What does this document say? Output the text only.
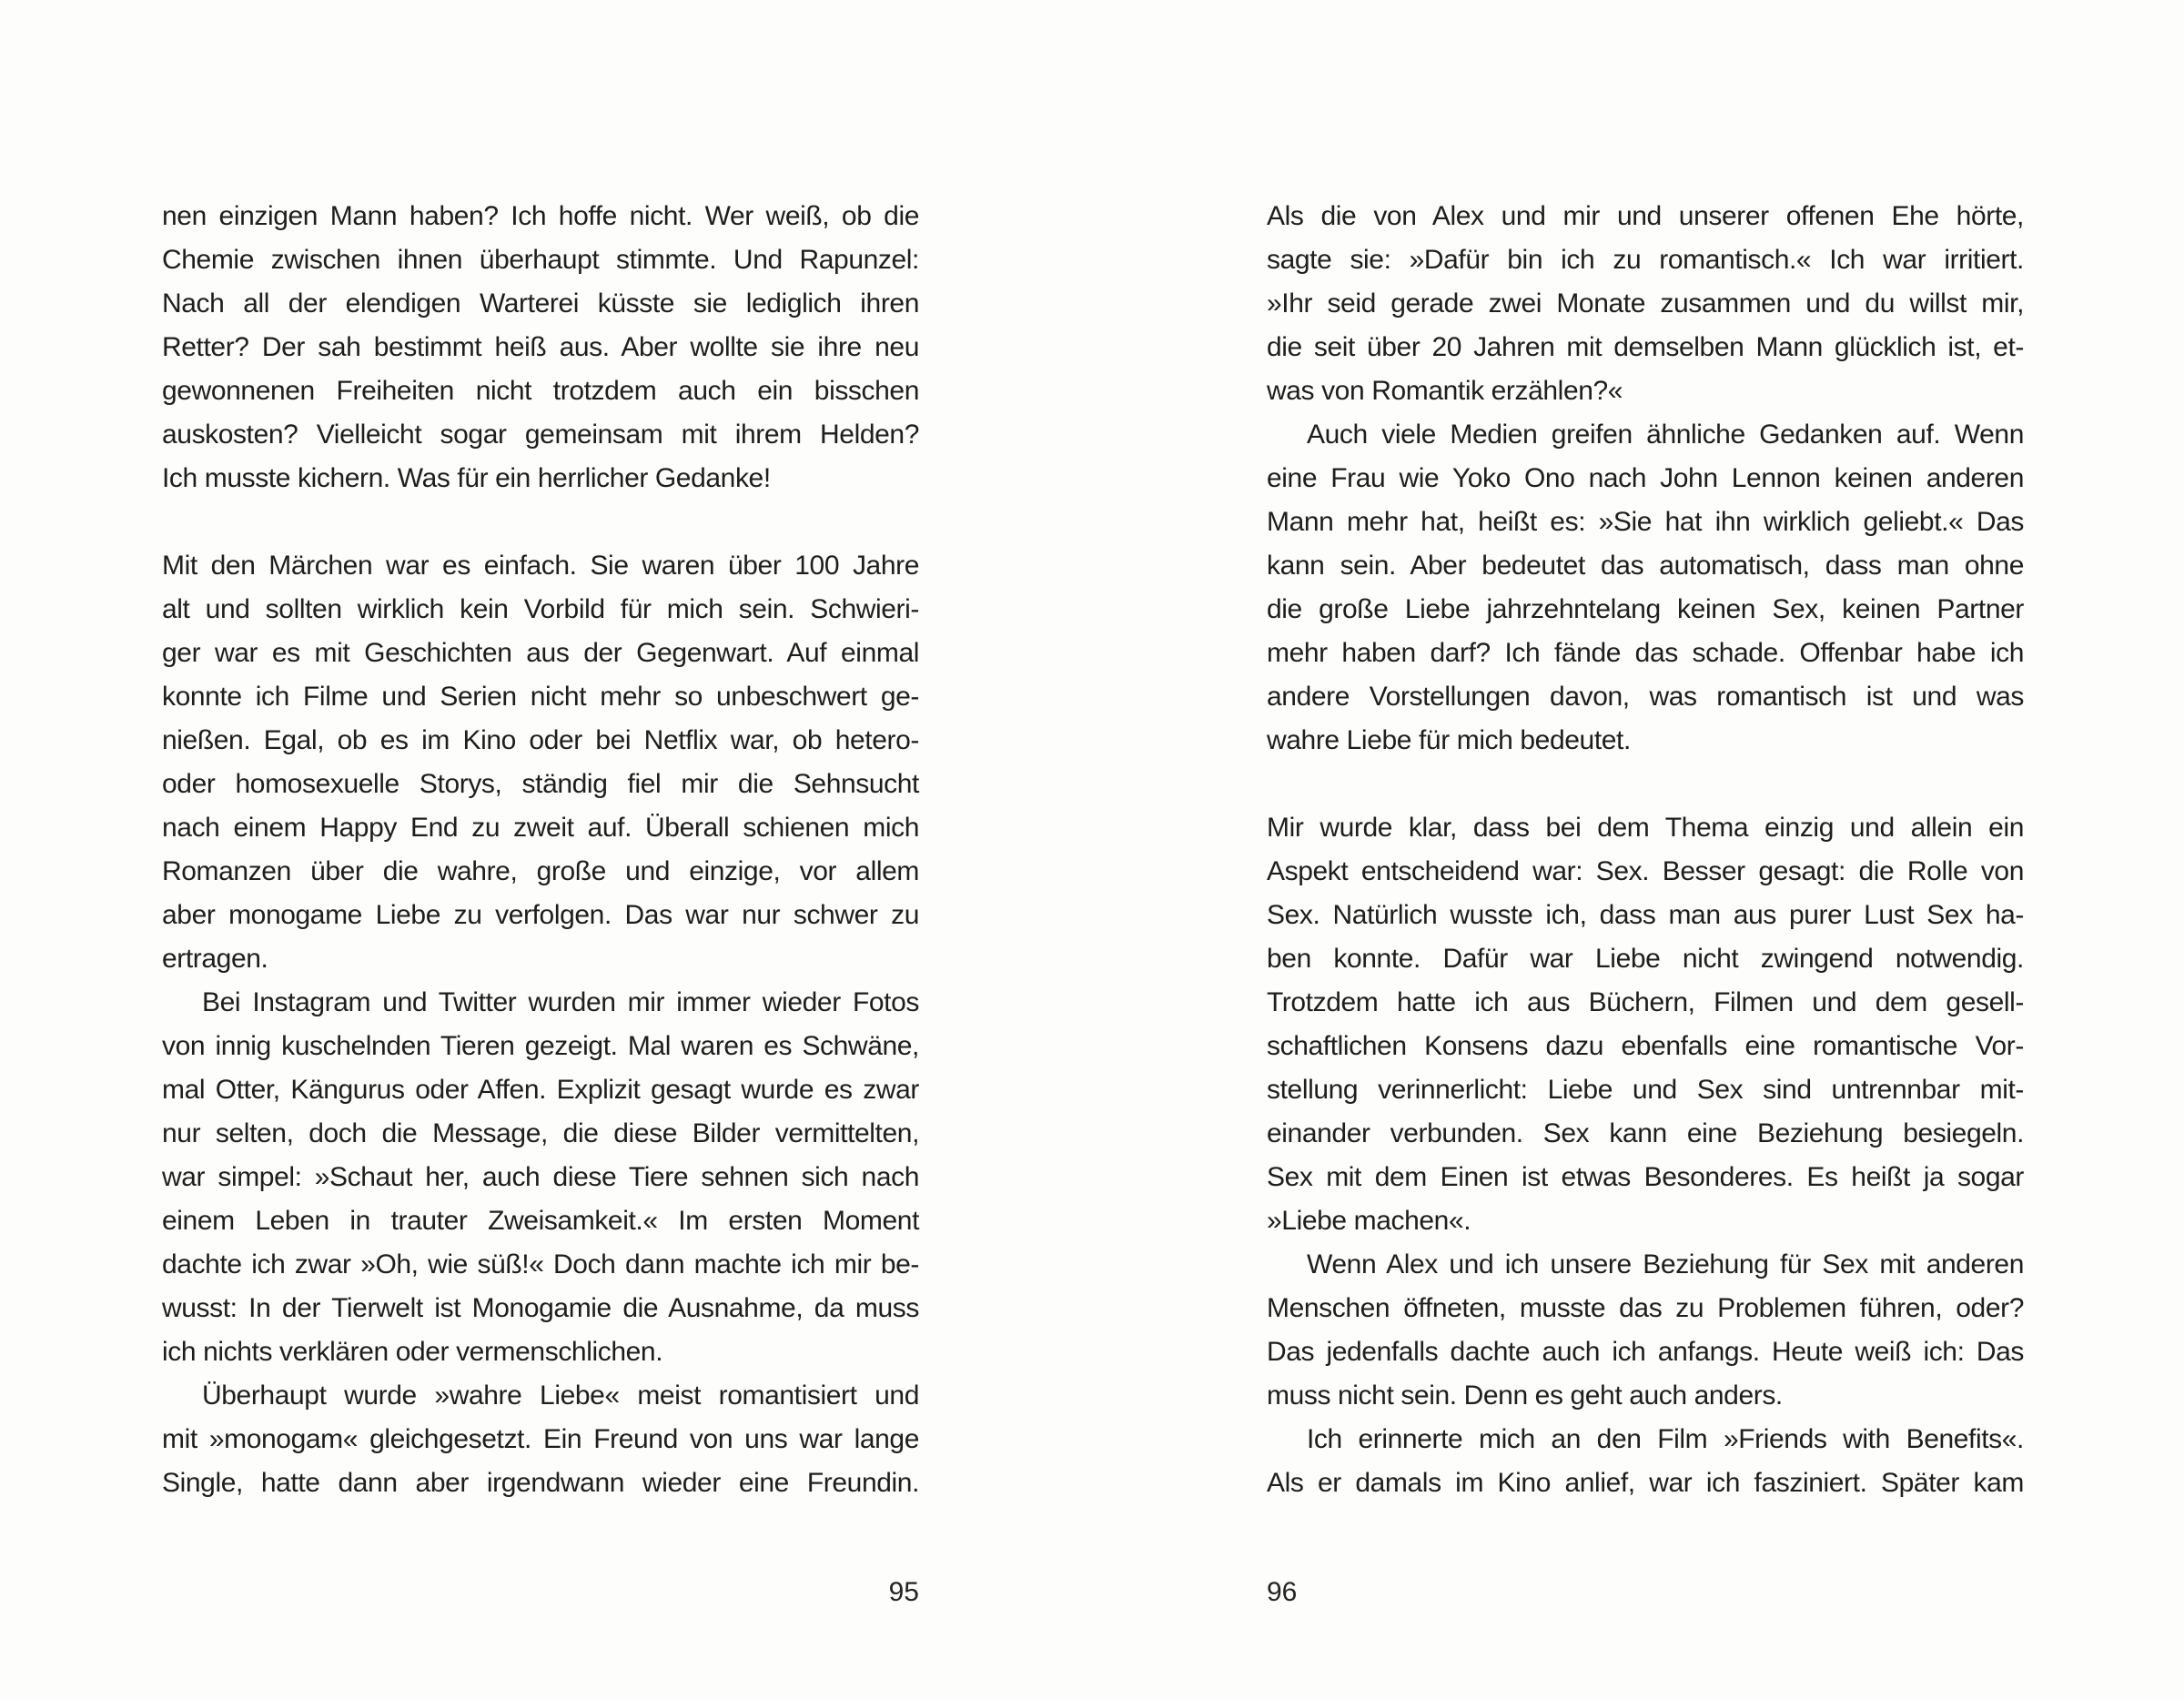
nen einzigen Mann haben? Ich hoffe nicht. Wer weiß, ob die
Chemie zwischen ihnen überhaupt stimmte. Und Rapunzel:
Nach all der elendigen Warterei küsste sie lediglich ihren
Retter? Der sah bestimmt heiß aus. Aber wollte sie ihre neu
gewonnenen Freiheiten nicht trotzdem auch ein bisschen
auskosten? Vielleicht sogar gemeinsam mit ihrem Helden?
Ich musste kichern. Was für ein herrlicher Gedanke!
Mit den Märchen war es einfach. Sie waren über 100 Jahre
alt und sollten wirklich kein Vorbild für mich sein. Schwieri-
ger war es mit Geschichten aus der Gegenwart. Auf einmal
konnte ich Filme und Serien nicht mehr so unbeschwert ge-
nießen. Egal, ob es im Kino oder bei Netflix war, ob hetero-
oder homosexuelle Storys, ständig fiel mir die Sehnsucht
nach einem Happy End zu zweit auf. Überall schienen mich
Romanzen über die wahre, große und einzige, vor allem
aber monogame Liebe zu verfolgen. Das war nur schwer zu
ertragen.
Bei Instagram und Twitter wurden mir immer wieder Fotos
von innig kuschelnden Tieren gezeigt. Mal waren es Schwäne,
mal Otter, Kängurus oder Affen. Explizit gesagt wurde es zwar
nur selten, doch die Message, die diese Bilder vermittelten,
war simpel: »Schaut her, auch diese Tiere sehnen sich nach
einem Leben in trauter Zweisamkeit.« Im ersten Moment
dachte ich zwar »Oh, wie süß!« Doch dann machte ich mir be-
wusst: In der Tierwelt ist Monogamie die Ausnahme, da muss
ich nichts verklären oder vermenschlichen.
Überhaupt wurde »wahre Liebe« meist romantisiert und
mit »monogam« gleichgesetzt. Ein Freund von uns war lange
Single, hatte dann aber irgendwann wieder eine Freundin.
95
Als die von Alex und mir und unserer offenen Ehe hörte,
sagte sie: »Dafür bin ich zu romantisch.« Ich war irritiert.
»Ihr seid gerade zwei Monate zusammen und du willst mir,
die seit über 20 Jahren mit demselben Mann glücklich ist, et-
was von Romantik erzählen?«
Auch viele Medien greifen ähnliche Gedanken auf. Wenn
eine Frau wie Yoko Ono nach John Lennon keinen anderen
Mann mehr hat, heißt es: »Sie hat ihn wirklich geliebt.« Das
kann sein. Aber bedeutet das automatisch, dass man ohne
die große Liebe jahrzehntelang keinen Sex, keinen Partner
mehr haben darf? Ich fände das schade. Offenbar habe ich
andere Vorstellungen davon, was romantisch ist und was
wahre Liebe für mich bedeutet.
Mir wurde klar, dass bei dem Thema einzig und allein ein
Aspekt entscheidend war: Sex. Besser gesagt: die Rolle von
Sex. Natürlich wusste ich, dass man aus purer Lust Sex ha-
ben konnte. Dafür war Liebe nicht zwingend notwendig.
Trotzdem hatte ich aus Büchern, Filmen und dem gesell-
schaftlichen Konsens dazu ebenfalls eine romantische Vor-
stellung verinnerlicht: Liebe und Sex sind untrennbar mit-
einander verbunden. Sex kann eine Beziehung besiegeln.
Sex mit dem Einen ist etwas Besonderes. Es heißt ja sogar
»Liebe machen«.
Wenn Alex und ich unsere Beziehung für Sex mit anderen
Menschen öffneten, musste das zu Problemen führen, oder?
Das jedenfalls dachte auch ich anfangs. Heute weiß ich: Das
muss nicht sein. Denn es geht auch anders.
Ich erinnerte mich an den Film »Friends with Benefits«.
Als er damals im Kino anlief, war ich fasziniert. Später kam
96
